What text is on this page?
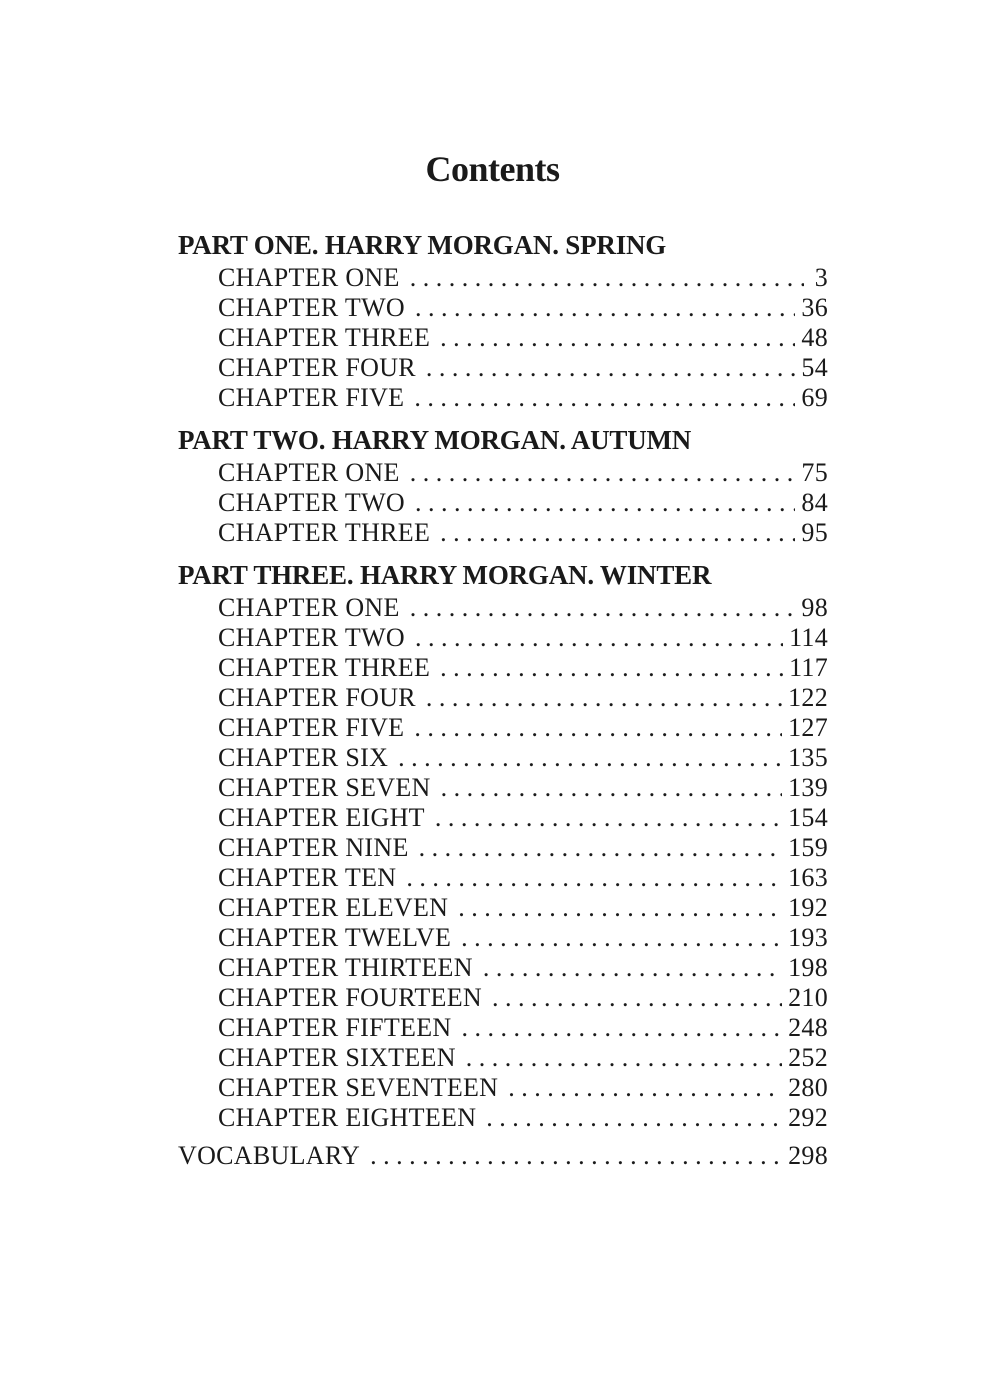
Contents
PART ONE. HARRY MORGAN. SPRING
CHAPTER ONE . . .	3
CHAPTER TWO . . .	36
CHAPTER THREE . . .	48
CHAPTER FOUR . . .	54
CHAPTER FIVE . . .	69
PART TWO. HARRY MORGAN. AUTUMN
CHAPTER ONE . . .	75
CHAPTER TWO . . .	84
CHAPTER THREE . . .	95
PART THREE. HARRY MORGAN. WINTER
CHAPTER ONE . . .	98
CHAPTER TWO . . .	114
CHAPTER THREE . . .	117
CHAPTER FOUR . . .	122
CHAPTER FIVE . . .	127
CHAPTER SIX . . .	135
CHAPTER SEVEN . . .	139
CHAPTER EIGHT . . .	154
CHAPTER NINE . . .	159
CHAPTER TEN . . .	163
CHAPTER ELEVEN . . .	192
CHAPTER TWELVE . . .	193
CHAPTER THIRTEEN . . .	198
CHAPTER FOURTEEN . . .	210
CHAPTER FIFTEEN . . .	248
CHAPTER SIXTEEN . . .	252
CHAPTER SEVENTEEN . . .	280
CHAPTER EIGHTEEN . . .	292
VOCABULARY . . .	298
